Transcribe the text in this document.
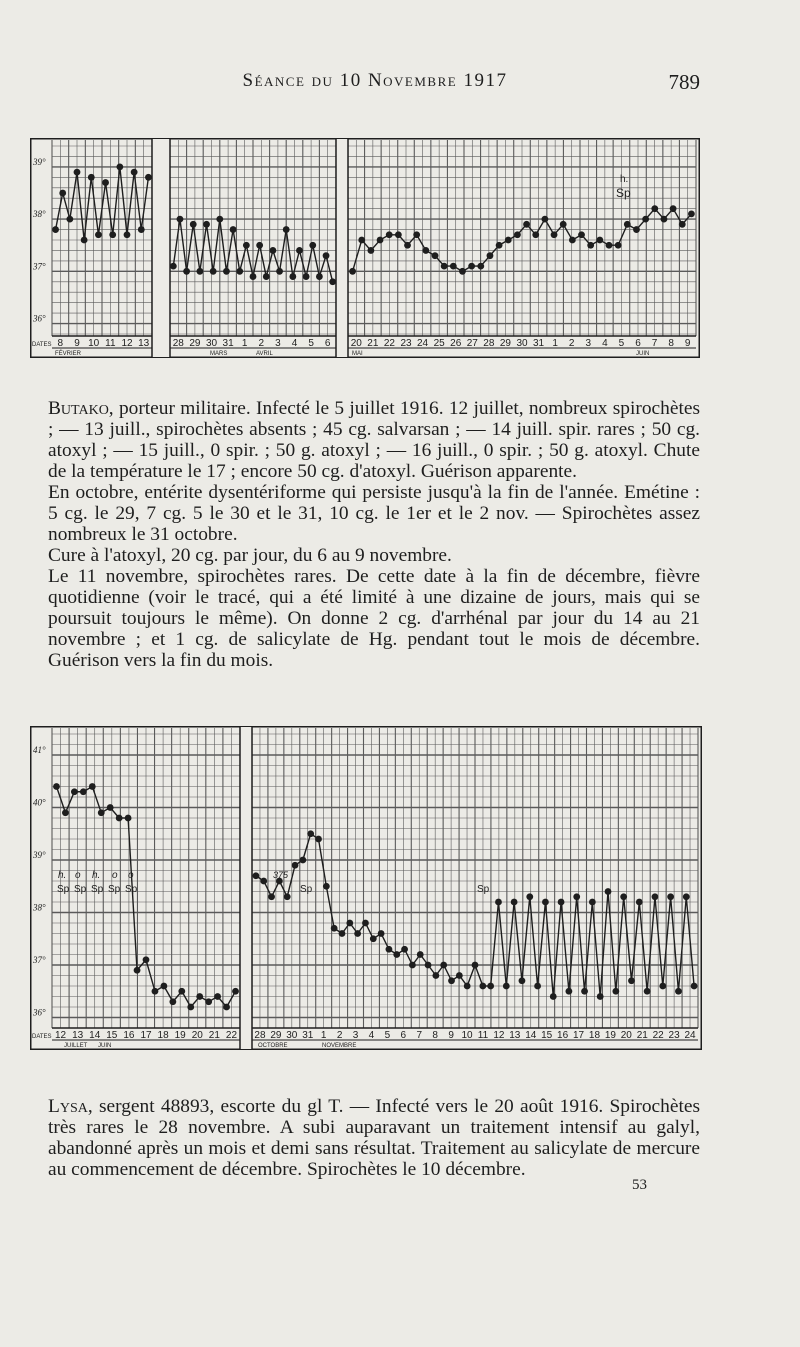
Séance du 10 Novembre 1917	789
39°
38°
37°
36°
DATES 8 9 10 11 12 13
FÉVRIER
28 29 30 31 1 2 3 4 5 6
MARS	AVRIL
20 21 22 23 24 25 26 27 28 29 30 31 1 2 3 4 5 6 7 8 9
MAI	JUIN
h.
Sp

Butako, porteur militaire. Infecté le 5 juillet 1916. 12 juillet, nombreux spirochètes ; — 13 juill., spirochètes absents ; 45 cg. salvarsan ; — 14 juill. spir. rares ; 50 cg. atoxyl ; — 15 juill., 0 spir. ; 50 g. atoxyl ; — 16 juill., 0 spir. ; 50 g. atoxyl. Chute de la température le 17 ; encore 50 cg. d'atoxyl. Guérison apparente.

En octobre, entérite dysentériforme qui persiste jusqu'à la fin de l'année. Emétine : 5 cg. le 29, 7 cg. 5 le 30 et le 31, 10 cg. le 1er et le 2 nov. — Spirochètes assez nombreux le 31 octobre.

Cure à l'atoxyl, 20 cg. par jour, du 6 au 9 novembre.

Le 11 novembre, spirochètes rares. De cette date à la fin de décembre, fièvre quotidienne (voir le tracé, qui a été limité à une dizaine de jours, mais qui se poursuit toujours le même). On donne 2 cg. d'arrhénal par jour du 14 au 21 novembre ; et 1 cg. de salicylate de Hg. pendant tout le mois de décembre. Guérison vers la fin du mois.

41°
40°
39°
38°
37°
36°
DATES 12 13 14 15 16 17 18 19 20 21 22
JUILLET JUIN
h. o h. o o
Sp Sp Sp Sp Sp
28 29 30 31 1 2 3 4 5 6 7 8 9 10 11 12 13 14 15 16 17 18 19 20 21 22 23 24
OCTOBRE	NOVEMBRE
375
Sp	Sp

Lysa, sergent 48893, escorte du gl T. — Infecté vers le 20 août 1916. Spirochètes très rares le 28 novembre. A subi auparavant un traitement intensif au galyl, abandonné après un mois et demi sans résultat. Traitement au salicylate de mercure au commencement de décembre. Spirochètes le 10 décembre.

53
